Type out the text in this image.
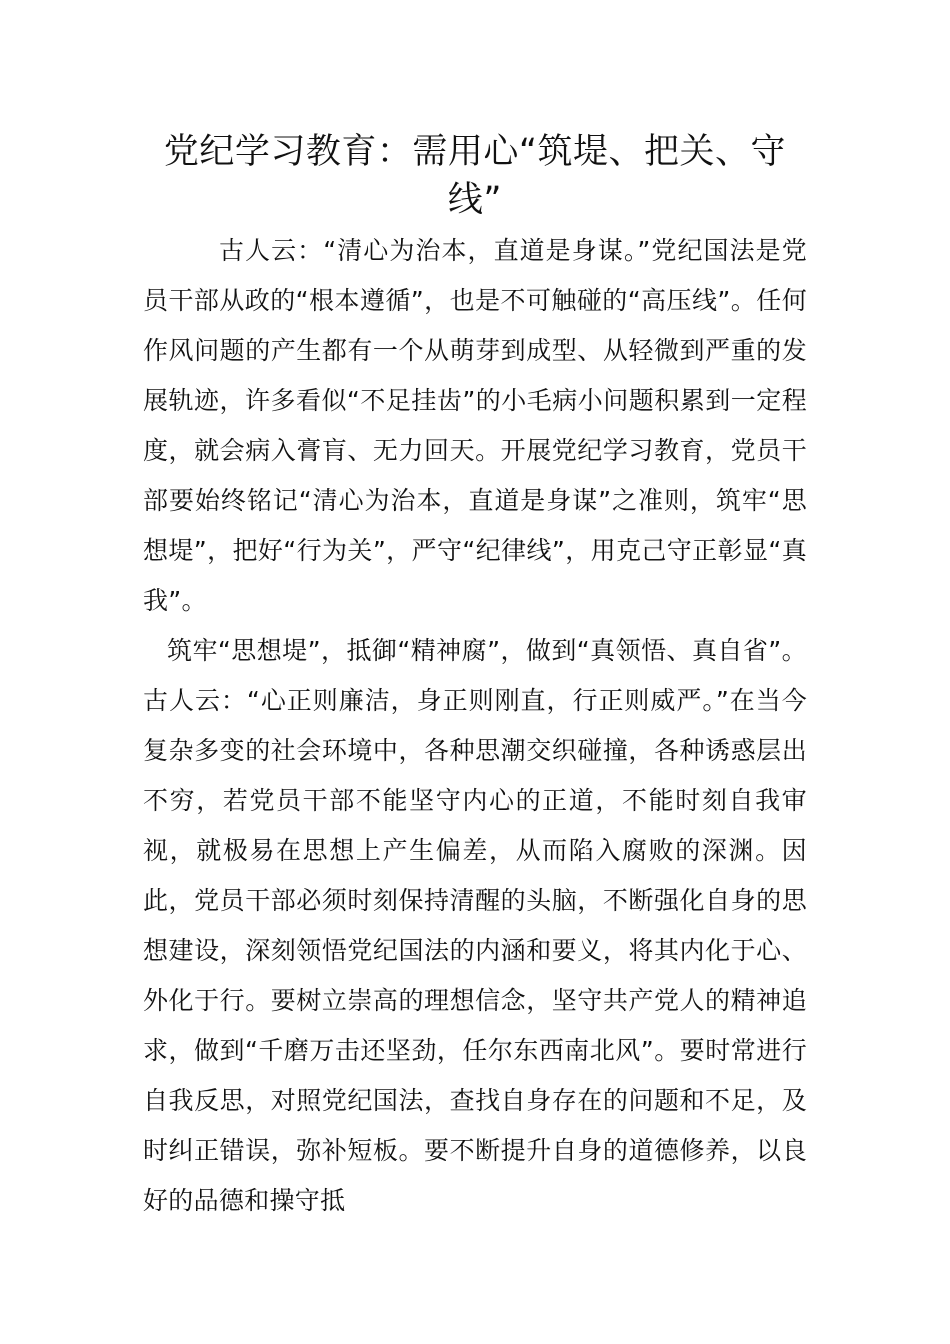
党纪学习教育：需用心“筑堤、把关、守线”

古人云：“清心为治本，直道是身谋。”党纪国法是党员干部从政的“根本遵循”，也是不可触碰的“高压线”。任何作风问题的产生都有一个从萌芽到成型、从轻微到严重的发展轨迹，许多看似“不足挂齿”的小毛病小问题积累到一定程度，就会病入膏肓、无力回天。开展党纪学习教育，党员干部要始终铭记“清心为治本，直道是身谋”之准则，筑牢“思想堤”，把好“行为关”，严守“纪律线”，用克己守正彰显“真我”。

筑牢“思想堤”，抵御“精神腐”，做到“真领悟、真自省”。古人云：“心正则廉洁，身正则刚直，行正则威严。”在当今复杂多变的社会环境中，各种思潮交织碰撞，各种诱惑层出不穷，若党员干部不能坚守内心的正道，不能时刻自我审视，就极易在思想上产生偏差，从而陷入腐败的深渊。因此，党员干部必须时刻保持清醒的头脑，不断强化自身的思想建设，深刻领悟党纪国法的内涵和要义，将其内化于心、外化于行。要树立崇高的理想信念，坚守共产党人的精神追求，做到“千磨万击还坚劲，任尔东西南北风”。要时常进行自我反思，对照党纪国法，查找自身存在的问题和不足，及时纠正错误，弥补短板。要不断提升自身的道德修养，以良好的品德和操守抵
